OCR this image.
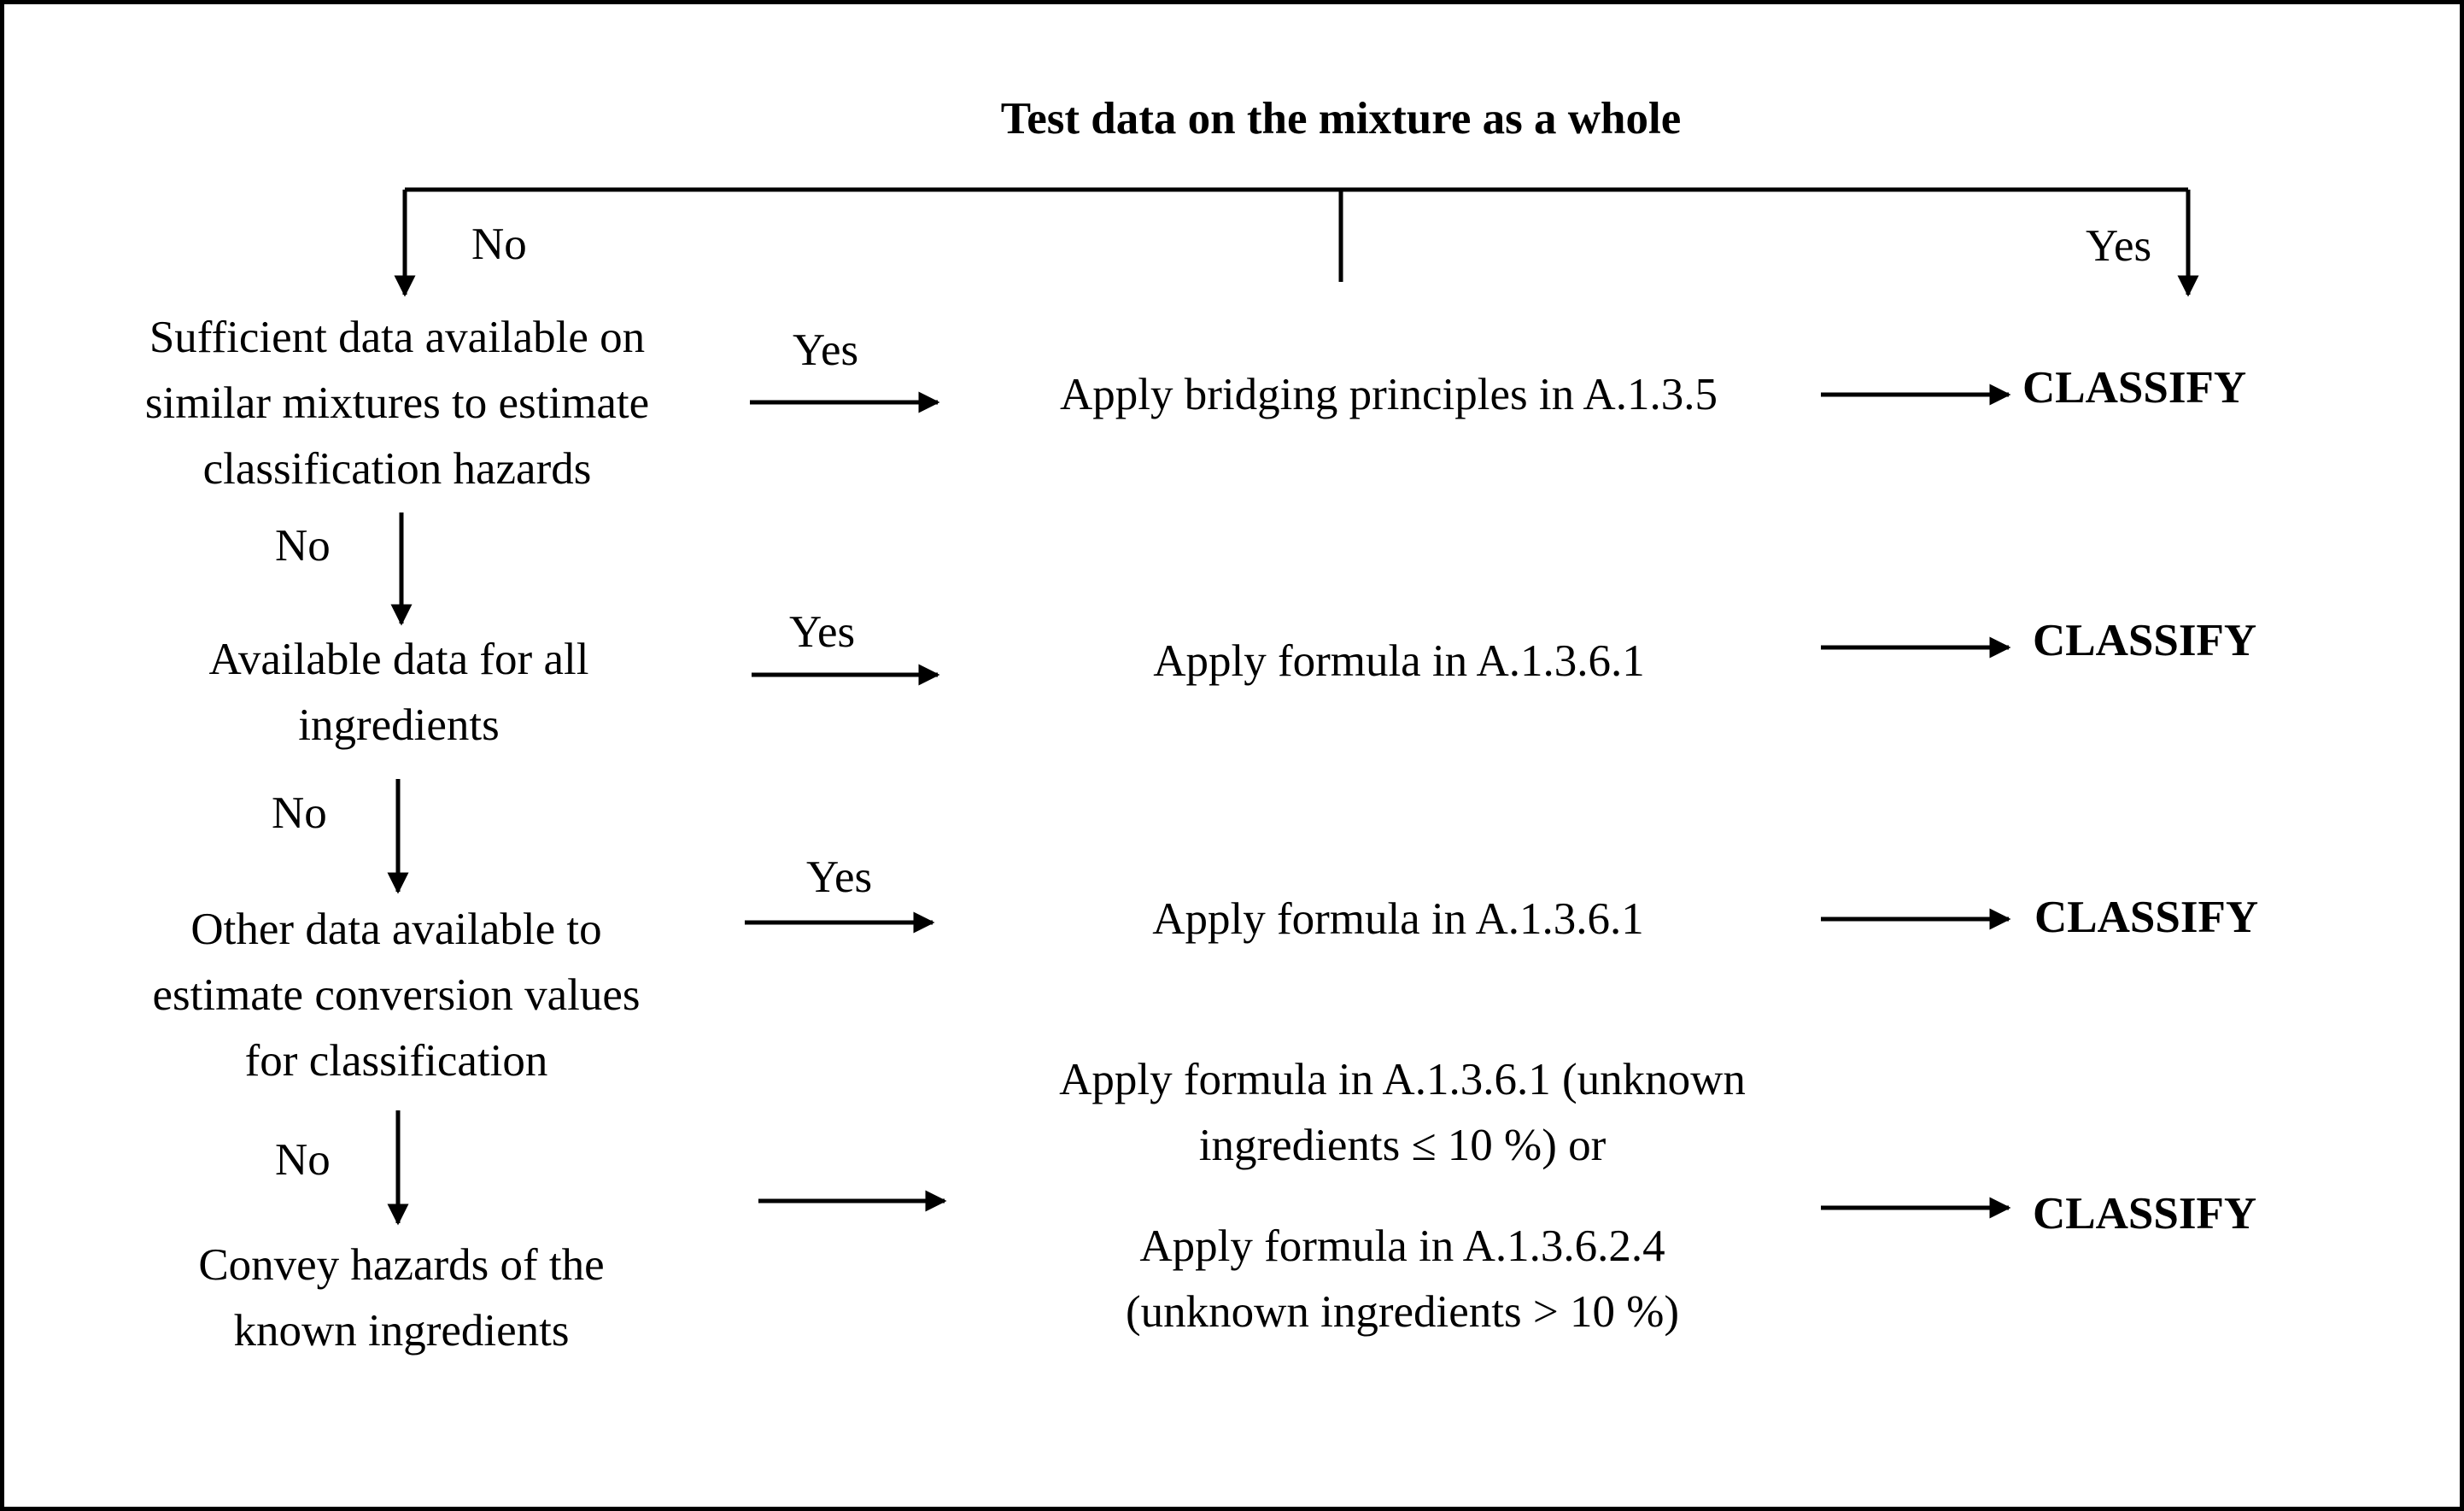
Test data on the mixture as a whole
No	Yes
Sufficient data available on
similar mixtures to estimate
classification hazards
Yes
No
Available data for all
ingredients
Yes
No
Other data available to
estimate conversion values
for classification
Yes
No
Convey hazards of the
known ingredients
Apply bridging principles in A.1.3.5
Apply formula in A.1.3.6.1
Apply formula in A.1.3.6.1
Apply formula in A.1.3.6.1 (unknown
ingredients ≤ 10 %) or
Apply formula in A.1.3.6.2.4
(unknown ingredients > 10 %)
CLASSIFY
CLASSIFY
CLASSIFY
CLASSIFY
